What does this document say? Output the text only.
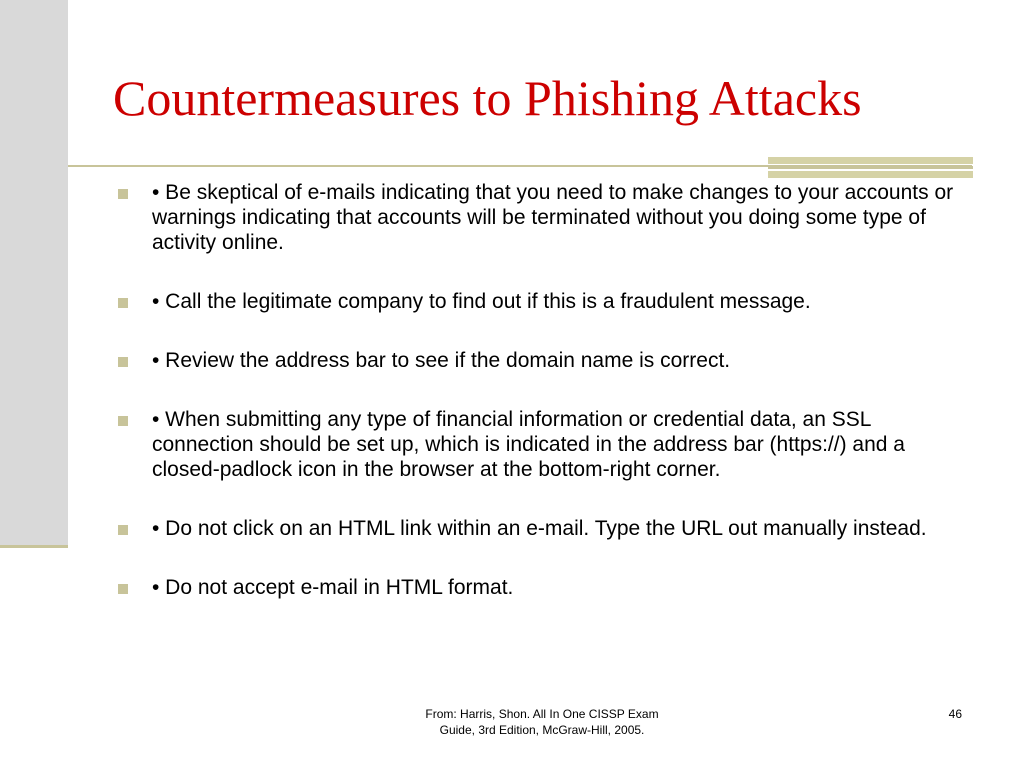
Countermeasures to Phishing Attacks
• Be skeptical of e-mails indicating that you need to make changes to your accounts or warnings indicating that accounts will be terminated without you doing some type of activity online.
• Call the legitimate company to find out if this is a fraudulent message.
• Review the address bar to see if the domain name is correct.
• When submitting any type of financial information or credential data, an SSL connection should be set up, which is indicated in the address bar (https://) and a closed-padlock icon in the browser at the bottom-right corner.
• Do not click on an HTML link within an e-mail. Type the URL out manually instead.
• Do not accept e-mail in HTML format.
From: Harris, Shon. All In One CISSP Exam
Guide, 3rd Edition, McGraw-Hill, 2005.
46
